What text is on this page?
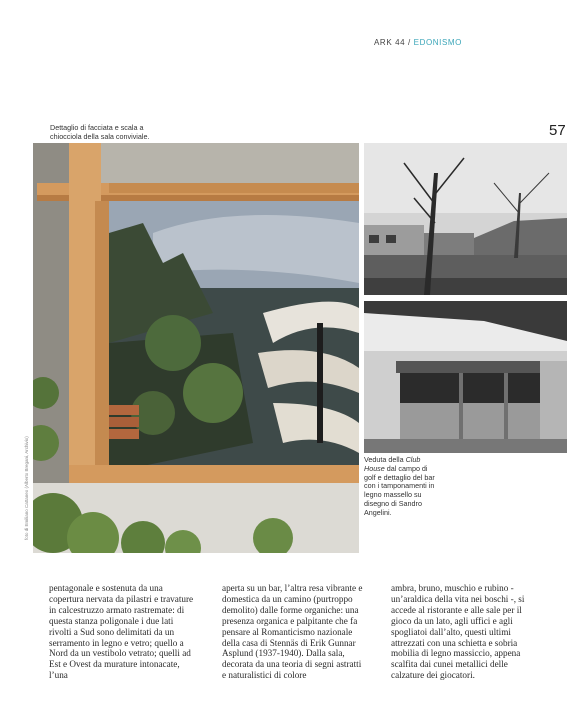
ARK 44 / EDONISMO
57
Dettaglio di facciata e scala a chiocciola della sala conviviale.
Veduta della Club House dal campo di golf e dettaglio del bar con i tamponamenti in legno massello su disegno di Sandro Angelini.
foto di Emiliano Cattaneo (Alberto Bregani, Archivio)

pentagonale e sostenuta da una copertura nervata da pilastri e travature in calcestruzzo armato rastremate: di questa stanza poligonale i due lati rivolti a Sud sono delimitati da un serramento in legno e vetro; quello a Nord da un vestibolo vetrato; quelli ad Est e Ovest da murature intonacate, l’una

aperta su un bar, l’altra resa vibrante e domestica da un camino (purtroppo demolito) dalle forme organiche: una presenza organica e palpitante che fa pensare al Romanticismo nazionale della casa di Stennäs di Erik Gunnar Asplund (1937-1940). Dalla sala, decorata da una teoria di segni astratti e naturalistici di colore

ambra, bruno, muschio e rubino - un’araldica della vita nei boschi -, si accede al ristorante e alle sale per il gioco da un lato, agli uffici e agli spogliatoi dall’alto, questi ultimi attrezzati con una schietta e sobria mobilia di legno massiccio, appena scalfita dai cunei metallici delle calzature dei giocatori.
